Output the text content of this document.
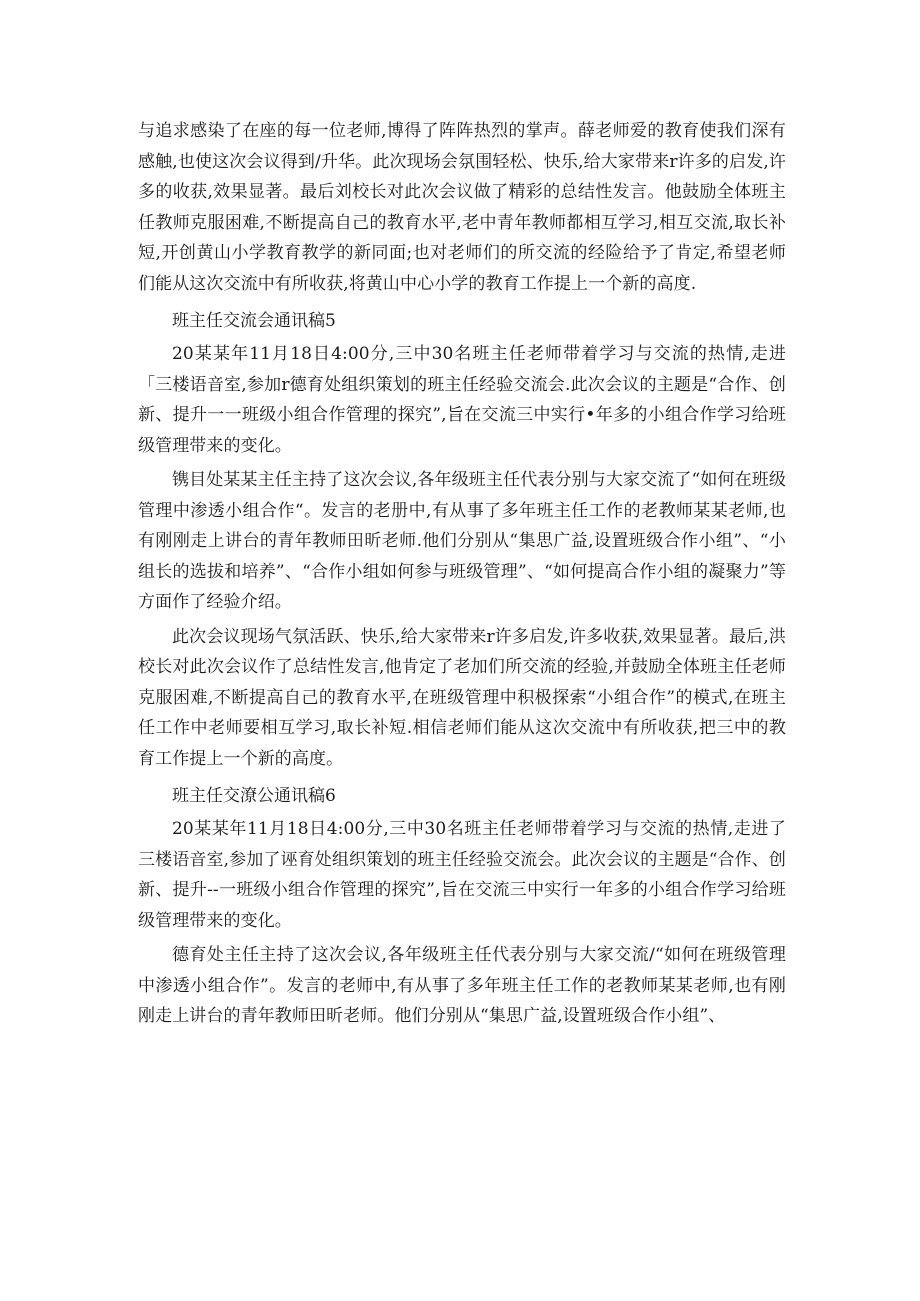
与追求感染了在座的每一位老师,博得了阵阵热烈的掌声。薛老师爱的教育使我们深有感触,也使这次会议得到/升华。此次现场会氛围轻松、快乐,给大家带来r许多的启发,许多的收获,效果显著。最后刘校长对此次会议做了精彩的总结性发言。他鼓励全体班主任教师克服困难,不断提高自己的教育水平,老中青年教师都相互学习,相互交流,取长补短,开创黄山小学教育教学的新同面;也对老师们的所交流的经险给予了肯定,希望老师们能从这次交流中有所收获,将黄山中心小学的教育工作提上一个新的高度.

班主任交流会通讯稿5

20某某年11月18日4:00分,三中30名班主任老师带着学习与交流的热情,走进「三楼语音室,参加r德育处组织策划的班主任经验交流会.此次会议的主题是“合作、创新、提升一一班级小组合作管理的探究”,旨在交流三中实行•年多的小组合作学习给班级管理带来的变化。

镌目处某某主任主持了这次会议,各年级班主任代表分别与大家交流了“如何在班级管理中渗透小组合作“。发言的老册中,有从事了多年班主任工作的老教师某某老师,也有刚刚走上讲台的青年教师田昕老师.他们分别从“集思广益,设置班级合作小组”、“小组长的选拔和培养”、“合作小组如何参与班级管理”、“如何提高合作小组的凝聚力”等方面作了经验介绍。

此次会议现场气氛活跃、快乐,给大家带来r许多启发,许多收获,效果显著。最后,洪校长对此次会议作了总结性发言,他肯定了老加们所交流的经验,并鼓励全体班主任老师克服困难,不断提高自己的教育水平,在班级管理中积极探索“小组合作”的模式,在班主任工作中老师要相互学习,取长补短.相信老师们能从这次交流中有所收获,把三中的教育工作提上一个新的高度。

班主任交潦公通讯稿6

20某某年11月18日4:00分,三中30名班主任老师带着学习与交流的热情,走进了三楼语音室,参加了诬育处组织策划的班主任经验交流会。此次会议的主题是“合作、创新、提升--一班级小组合作管理的探究”,旨在交流三中实行一年多的小组合作学习给班级管理带来的变化。

德育处主任主持了这次会议,各年级班主任代表分别与大家交流/“如何在班级管理中渗透小组合作”。发言的老师中,有从事了多年班主任工作的老教师某某老师,也有刚刚走上讲台的青年教师田昕老师。他们分别从“集思广益,设置班级合作小组”、
